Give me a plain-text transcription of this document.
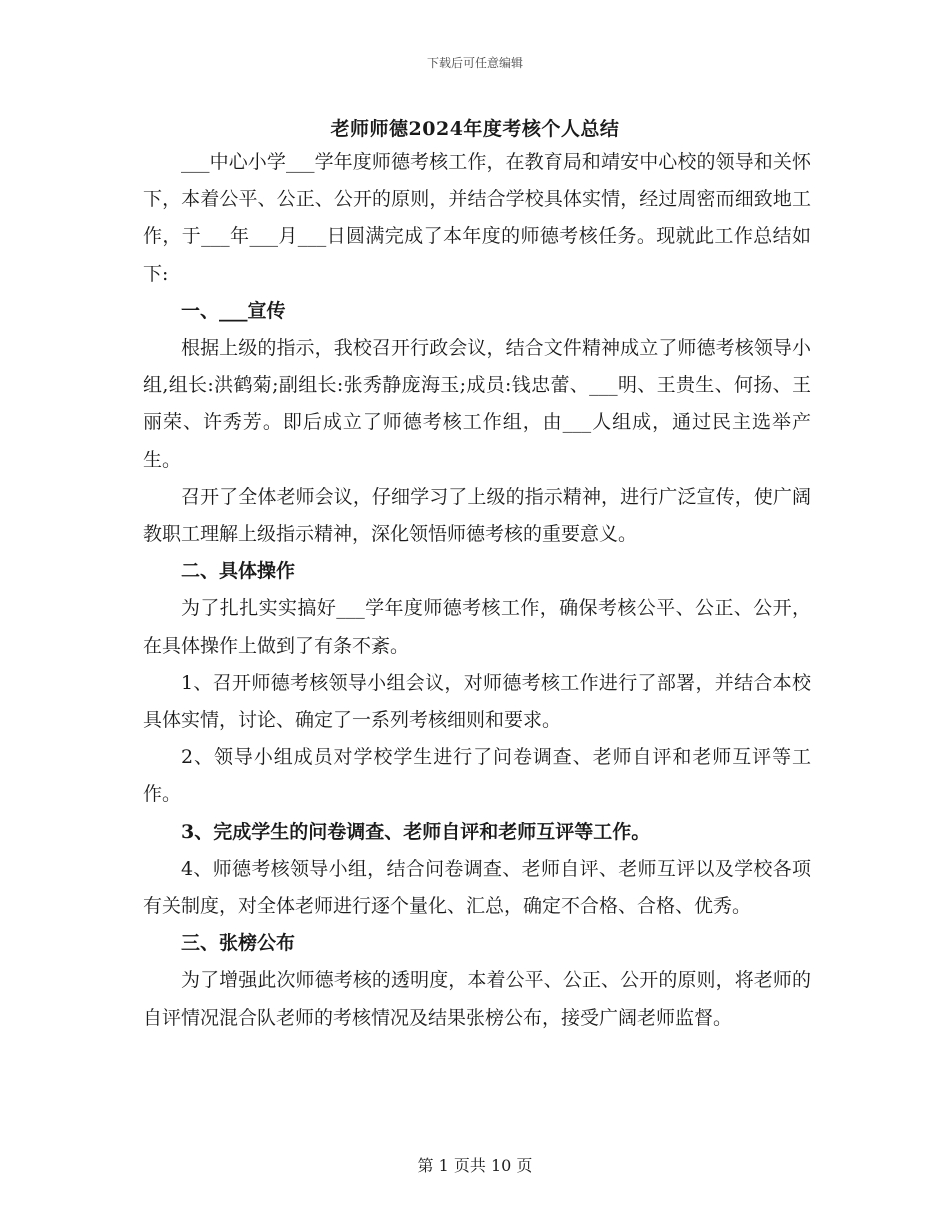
下载后可任意编辑
老师师德2024年度考核个人总结

___中心小学___学年度师德考核工作，在教育局和靖安中心校的领导和关怀下，本着公平、公正、公开的原则，并结合学校具体实情，经过周密而细致地工作，于___年___月___日圆满完成了本年度的师德考核任务。现就此工作总结如下:

一、___宣传

根据上级的指示，我校召开行政会议，结合文件精神成立了师德考核领导小组,组长:洪鹤菊;副组长:张秀静庞海玉;成员:钱忠蕾、___明、王贵生、何扬、王丽荣、许秀芳。即后成立了师德考核工作组，由___人组成，通过民主选举产生。

召开了全体老师会议，仔细学习了上级的指示精神，进行广泛宣传，使广阔教职工理解上级指示精神，深化领悟师德考核的重要意义。

二、具体操作

为了扎扎实实搞好___学年度师德考核工作，确保考核公平、公正、公开，在具体操作上做到了有条不紊。

1、召开师德考核领导小组会议，对师德考核工作进行了部署，并结合本校具体实情，讨论、确定了一系列考核细则和要求。

2、领导小组成员对学校学生进行了问卷调查、老师自评和老师互评等工作。

3、完成学生的问卷调查、老师自评和老师互评等工作。

4、师德考核领导小组，结合问卷调查、老师自评、老师互评以及学校各项有关制度，对全体老师进行逐个量化、汇总，确定不合格、合格、优秀。

三、张榜公布

为了增强此次师德考核的透明度，本着公平、公正、公开的原则，将老师的自评情况混合队老师的考核情况及结果张榜公布，接受广阔老师监督。

第 1 页共 10 页
